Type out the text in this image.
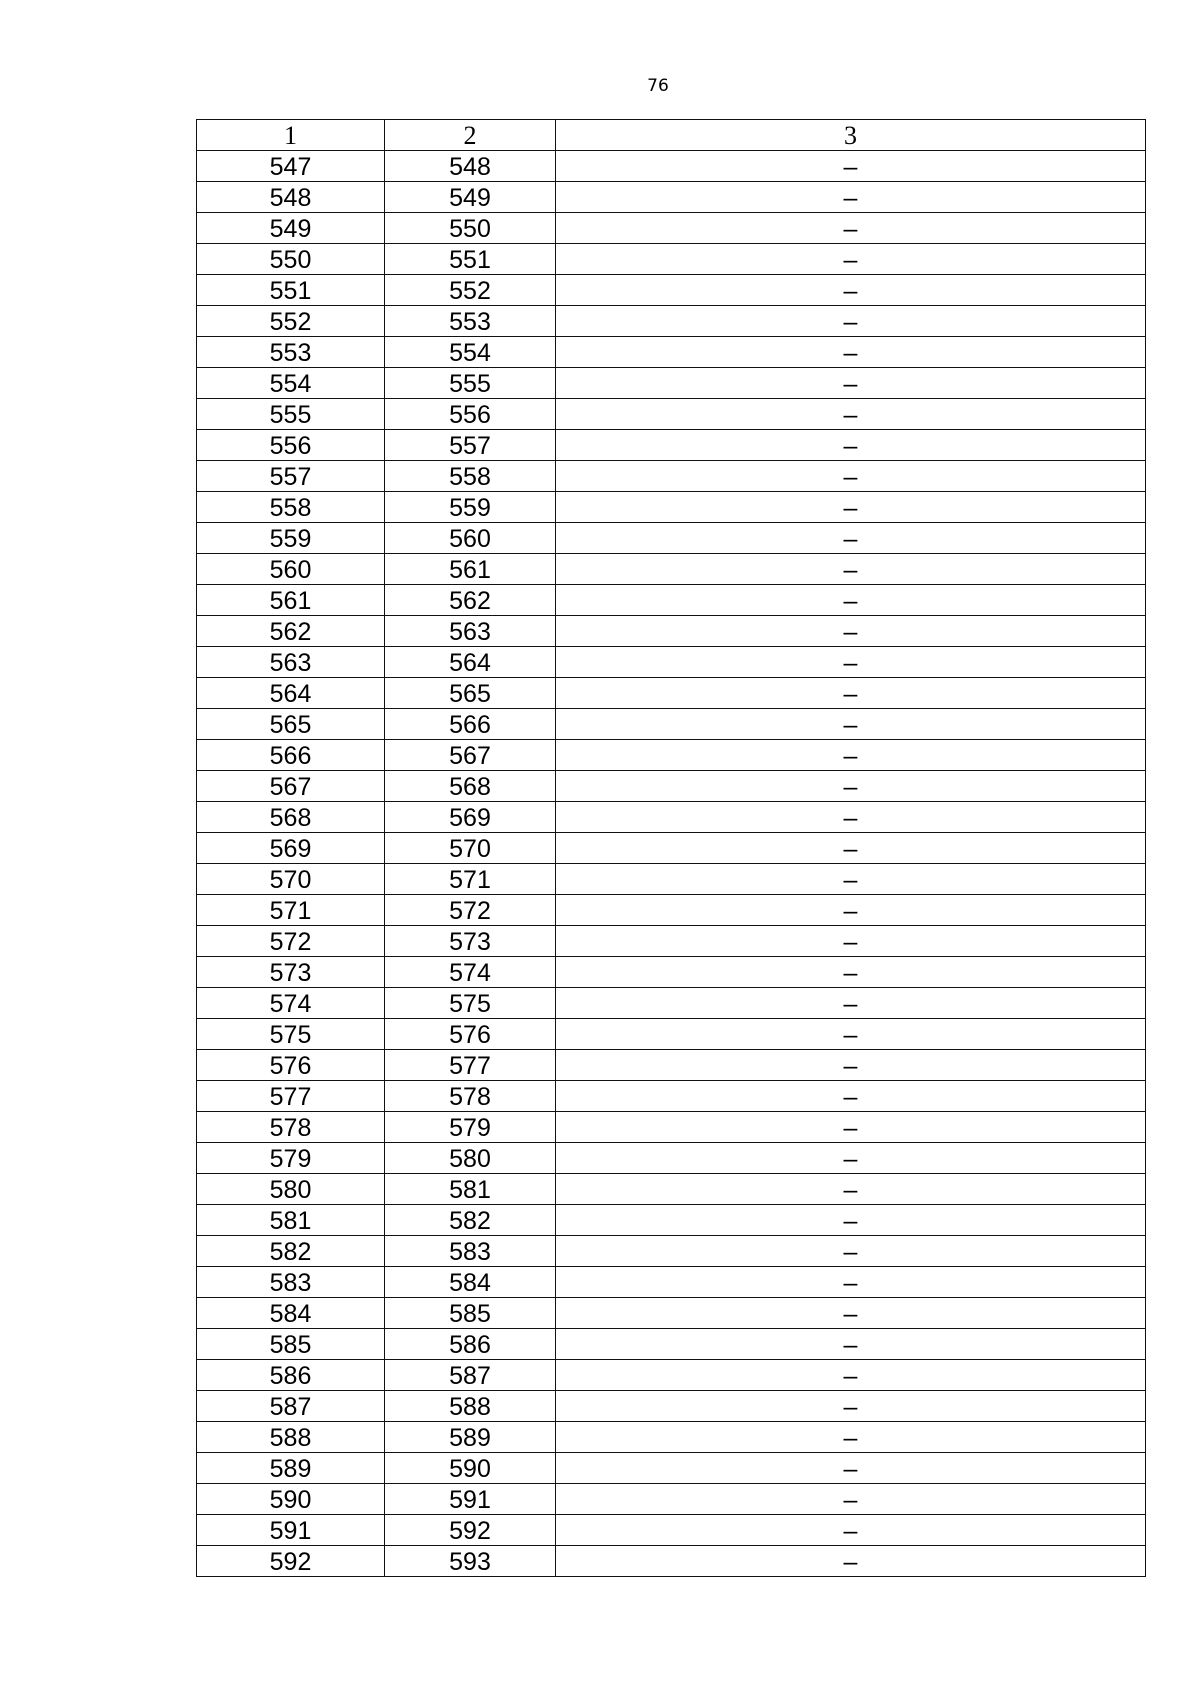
76
1	2	3
547	548	–
548	549	–
549	550	–
550	551	–
551	552	–
552	553	–
553	554	–
554	555	–
555	556	–
556	557	–
557	558	–
558	559	–
559	560	–
560	561	–
561	562	–
562	563	–
563	564	–
564	565	–
565	566	–
566	567	–
567	568	–
568	569	–
569	570	–
570	571	–
571	572	–
572	573	–
573	574	–
574	575	–
575	576	–
576	577	–
577	578	–
578	579	–
579	580	–
580	581	–
581	582	–
582	583	–
583	584	–
584	585	–
585	586	–
586	587	–
587	588	–
588	589	–
589	590	–
590	591	–
591	592	–
592	593	–
